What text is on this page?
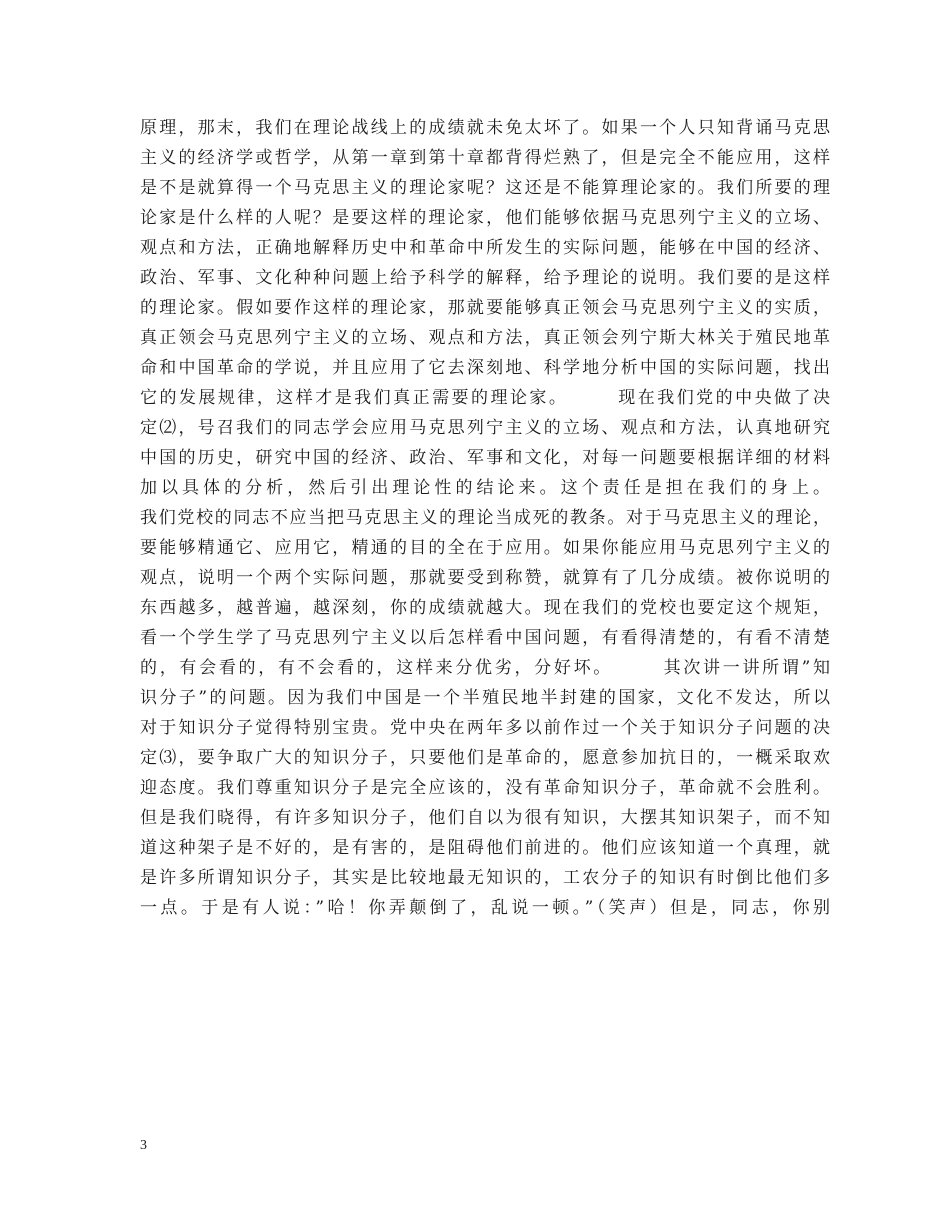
原理，那末，我们在理论战线上的成绩就未免太坏了。如果一个人只知背诵马克思
主义的经济学或哲学，从第一章到第十章都背得烂熟了，但是完全不能应用，这样
是不是就算得一个马克思主义的理论家呢？这还是不能算理论家的。我们所要的理
论家是什么样的人呢？是要这样的理论家，他们能够依据马克思列宁主义的立场、
观点和方法，正确地解释历史中和革命中所发生的实际问题，能够在中国的经济、
政治、军事、文化种种问题上给予科学的解释，给予理论的说明。我们要的是这样
的理论家。假如要作这样的理论家，那就要能够真正领会马克思列宁主义的实质，
真正领会马克思列宁主义的立场、观点和方法，真正领会列宁斯大林关于殖民地革
命和中国革命的学说，并且应用了它去深刻地、科学地分析中国的实际问题，找出
它的发展规律，这样才是我们真正需要的理论家。　　　现在我们党的中央做了决
定⑵，号召我们的同志学会应用马克思列宁主义的立场、观点和方法，认真地研究
中国的历史，研究中国的经济、政治、军事和文化，对每一问题要根据详细的材料
加以具体的分析，然后引出理论性的结论来。这个责任是担在我们的身上。
我们党校的同志不应当把马克思主义的理论当成死的教条。对于马克思主义的理论，
要能够精通它、应用它，精通的目的全在于应用。如果你能应用马克思列宁主义的
观点，说明一个两个实际问题，那就要受到称赞，就算有了几分成绩。被你说明的
东西越多，越普遍，越深刻，你的成绩就越大。现在我们的党校也要定这个规矩，
看一个学生学了马克思列宁主义以后怎样看中国问题，有看得清楚的，有看不清楚
的，有会看的，有不会看的，这样来分优劣，分好坏。　　　其次讲一讲所谓”知
识分子”的问题。因为我们中国是一个半殖民地半封建的国家，文化不发达，所以
对于知识分子觉得特别宝贵。党中央在两年多以前作过一个关于知识分子问题的决
定⑶，要争取广大的知识分子，只要他们是革命的，愿意参加抗日的，一概采取欢
迎态度。我们尊重知识分子是完全应该的，没有革命知识分子，革命就不会胜利。
但是我们晓得，有许多知识分子，他们自以为很有知识，大摆其知识架子，而不知
道这种架子是不好的，是有害的，是阻碍他们前进的。他们应该知道一个真理，就
是许多所谓知识分子，其实是比较地最无知识的，工农分子的知识有时倒比他们多
一点。于是有人说：”哈！你弄颠倒了，乱说一顿。”（笑声）但是，同志，你别
3
